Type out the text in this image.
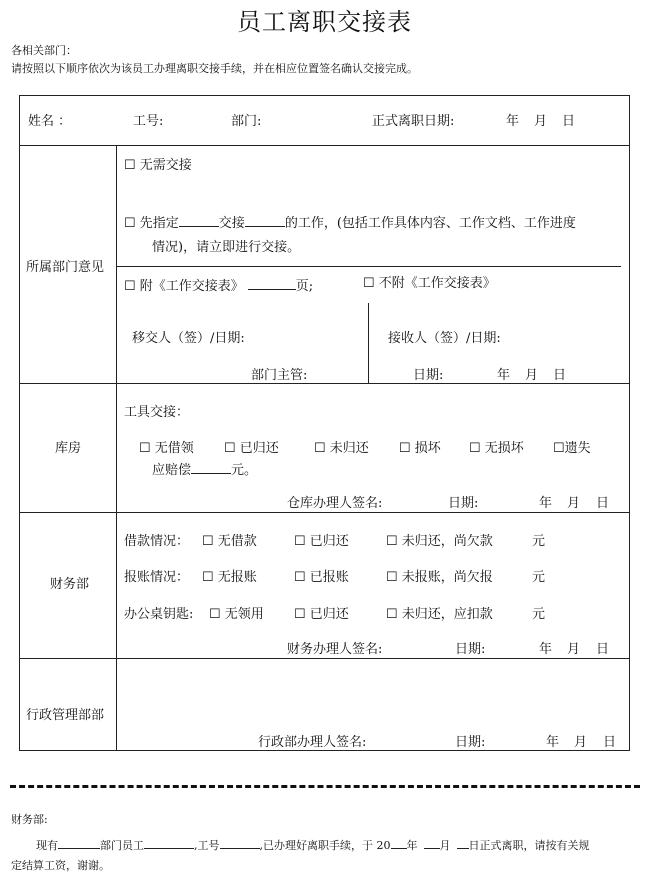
员工离职交接表
各相关部门：
请按照以下顺序依次为该员工办理离职交接手续，并在相应位置签名确认交接完成。
姓名 ：	工号:	部门:	正式离职日期:	年 月 日
所属部门意见
☐ 无需交接
☐ 先指定	交接	的工作，(包括工作具体内容、工作文档、工作进度
情况)，请立即进行交接。
☐ 附《工作交接表》	页;	☐ 不附《工作交接表》
移交人（签）/日期:	接收人（签）/日期:
部门主管:	日期:	年 月 日
库房
工具交接：
☐ 无借领 ☐ 已归还	☐ 未归还 ☐ 损坏 ☐ 无损坏 ☐遗失
应赔偿	元。
仓库办理人签名:	日期:	年 月 日
财务部
借款情况： ☐ 无借款	☐ 已归还	☐ 未归还，尚欠款	元
报账情况： ☐ 无报账	☐ 已报账	☐ 未报账，尚欠报	元
办公桌钥匙: ☐ 无领用 ☐ 已归还	☐ 未归还，应扣款	元
财务办理人签名:	日期:	年 月 日
行政管理部部
行政部办理人签名:	日期:	年 月 日
财务部:
现有	部门员工	,工号	,已办理好离职手续，于 20 年 月 日正式离职，请按有关规
定结算工资，谢谢。
